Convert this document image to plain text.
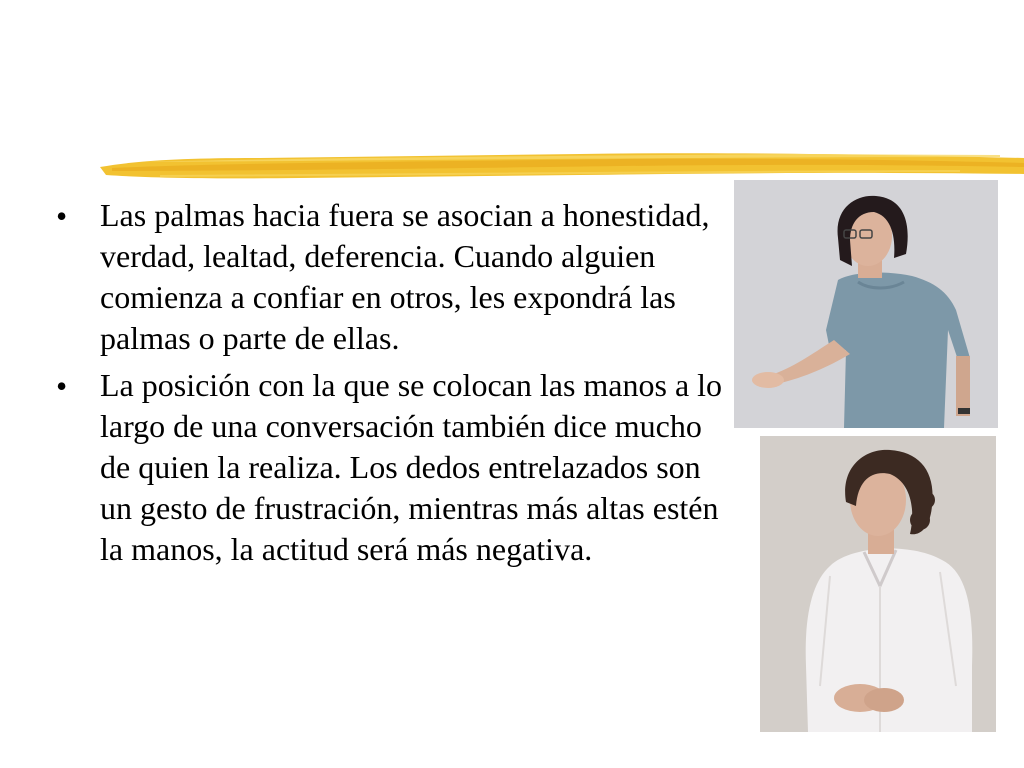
• Las palmas hacia fuera se asocian a honestidad, verdad, lealtad, deferencia. Cuando alguien comienza a confiar en otros, les expondrá las palmas o parte de ellas.
• La posición con la que se colocan las manos a lo largo de una conversación también dice mucho de quien la realiza. Los dedos entrelazados son un gesto de frustración, mientras más altas estén la manos, la actitud será más negativa.
